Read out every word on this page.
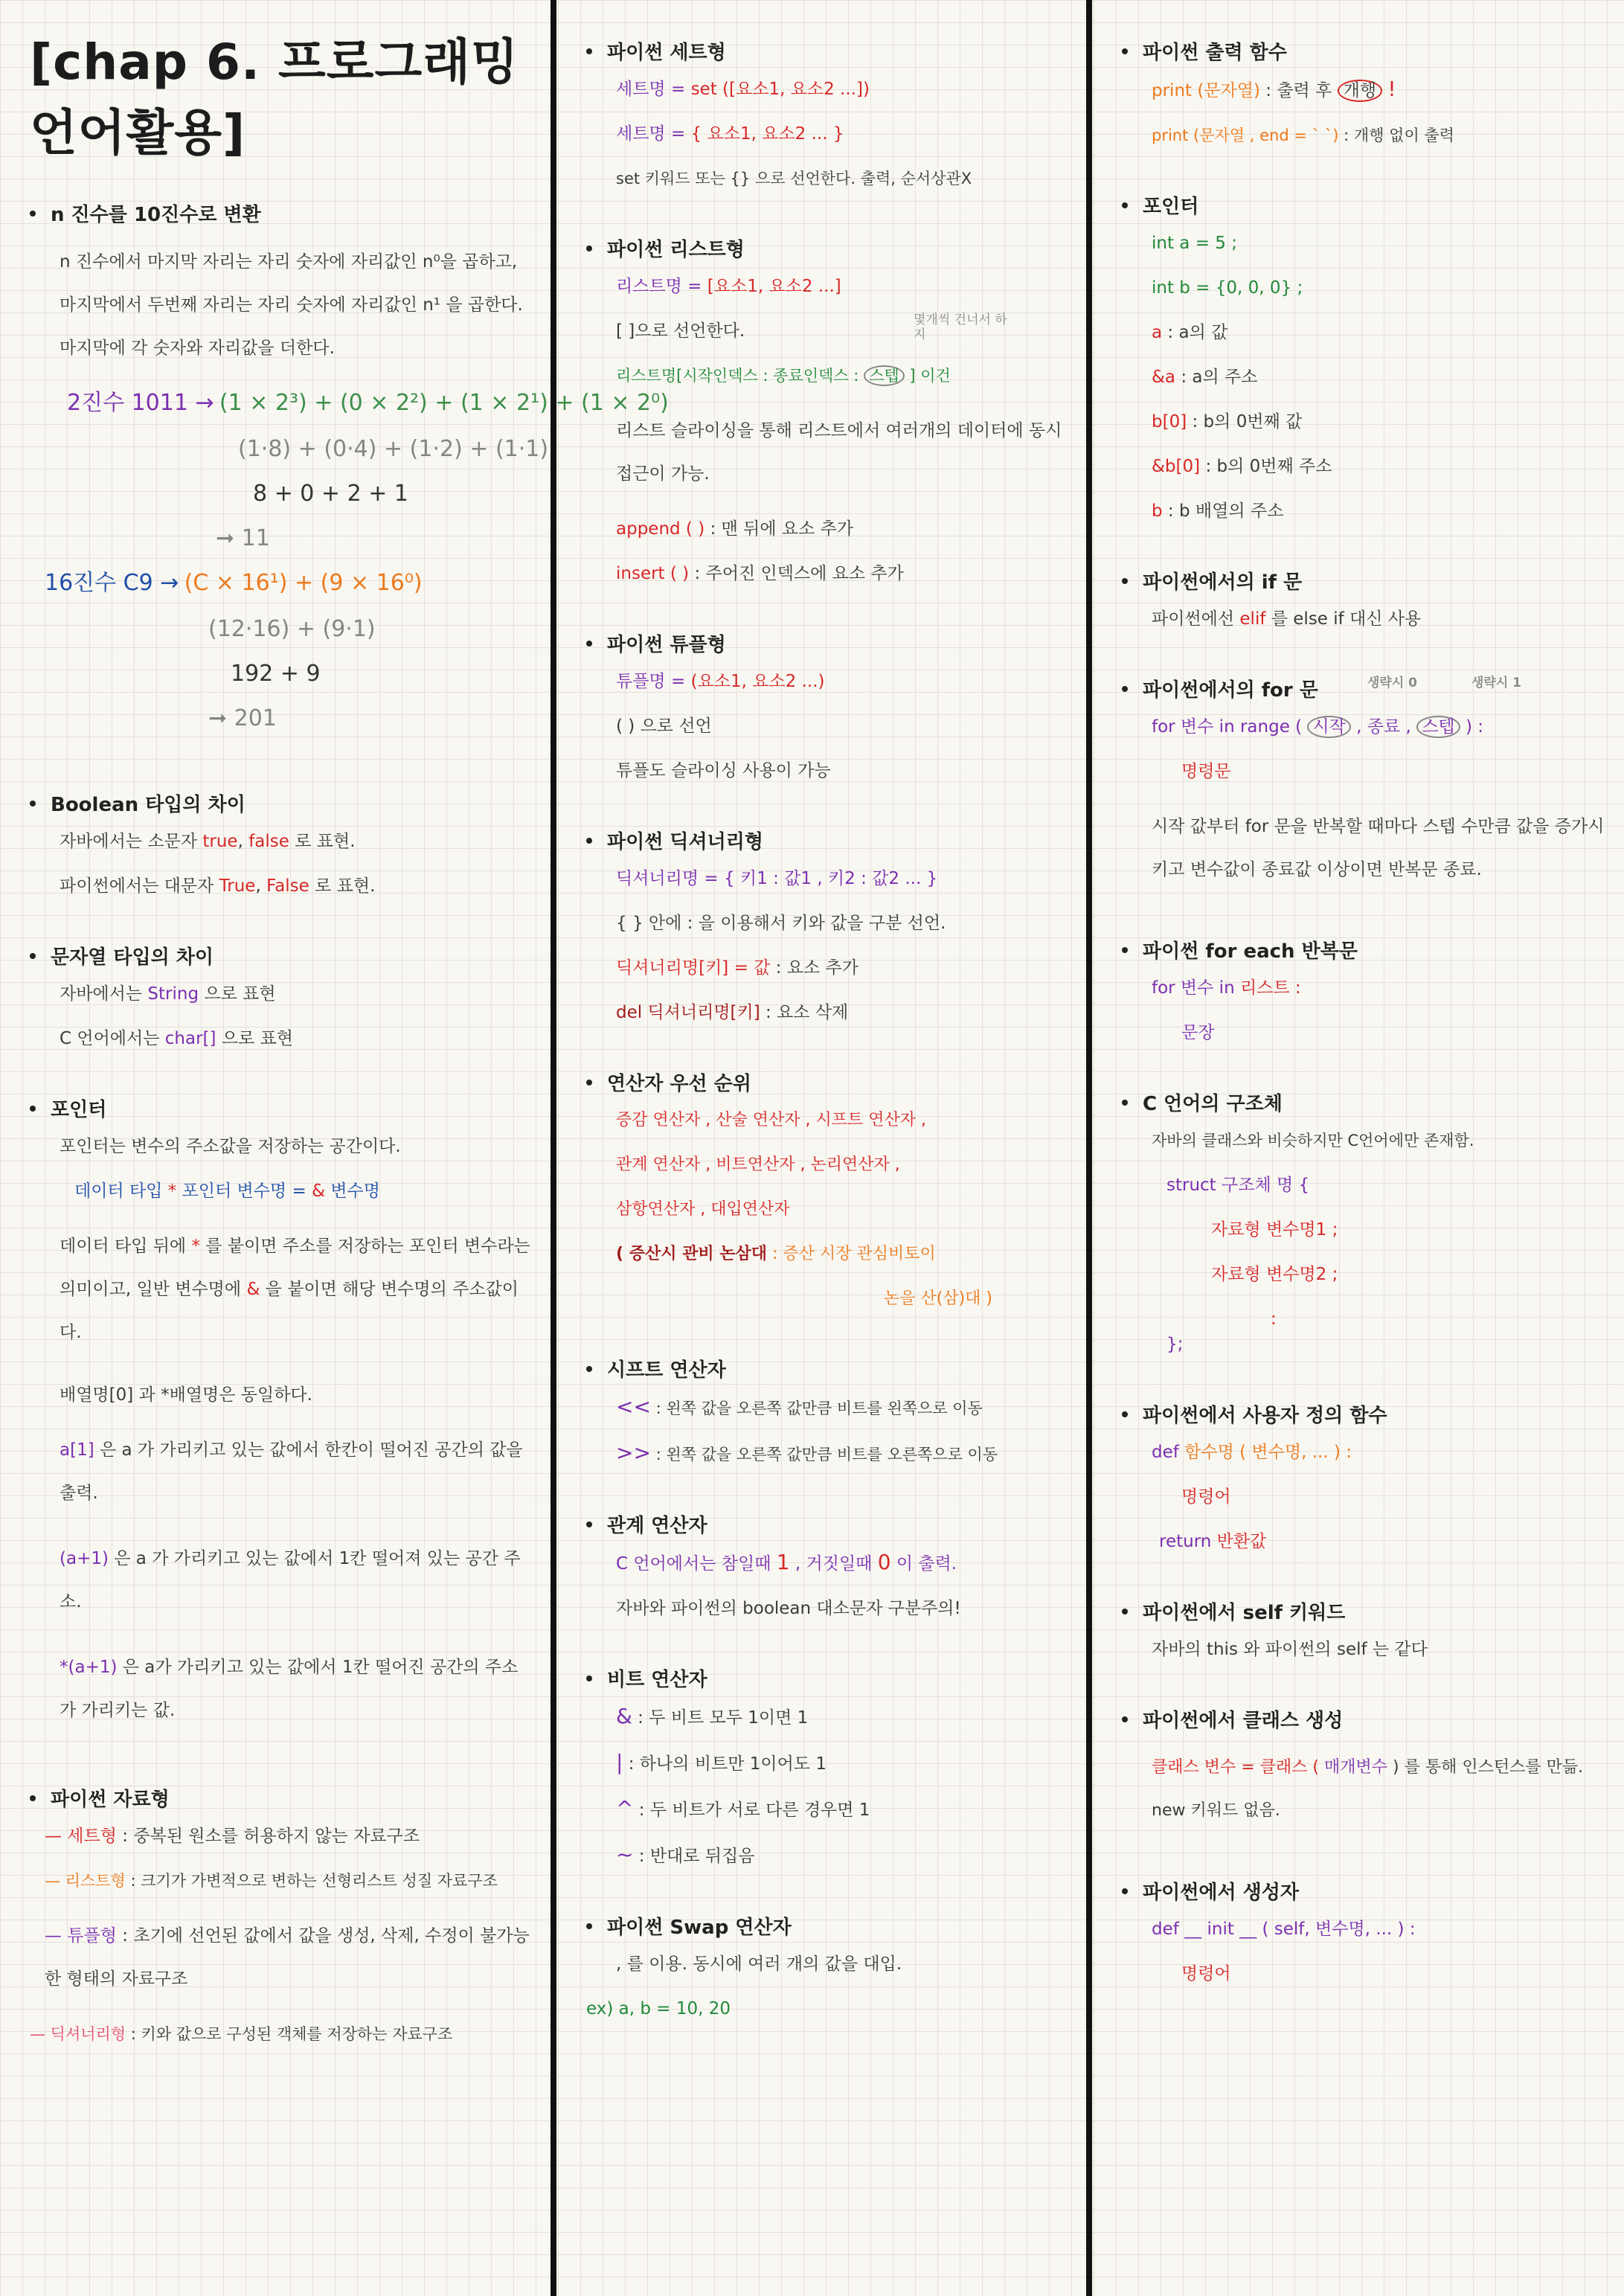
[chap 6. 프로그래밍 언어활용]
n 진수를 10진수로 변환
n 진수에서 마지막 자리는 자리 숫자에 자리값인 n⁰을 곱하고, 마지막에서 두번째 자리는 자리 숫자에 자리값인 n¹ 을 곱한다. 마지막에 각 숫자와 자리값을 더한다.
2진수 1011 → (1 × 2³) + (0 × 2²) + (1 × 2¹) + (1 × 2⁰)
(1·8) + (0·4) + (1·2) + (1·1)
8 + 0 + 2 + 1
➞ 11
16진수 C9 → (C × 16¹) + (9 × 16⁰)
(12·16) + (9·1)
192 + 9
➞ 201
Boolean 타입의 차이
자바에서는 소문자 true, false 로 표현.
파이썬에서는 대문자 True, False 로 표현.
문자열 타입의 차이
자바에서는 String 으로 표현
C 언어에서는 char[] 으로 표현
포인터
포인터는 변수의 주소값을 저장하는 공간이다.
데이터 타입 * 포인터 변수명 = & 변수명
데이터 타입 뒤에 * 를 붙이면 주소를 저장하는 포인터 변수라는 의미이고, 일반 변수명에 & 을 붙이면 해당 변수명의 주소값이다.
배열명[0] 과 *배열명은 동일하다.
a[1] 은 a 가 가리키고 있는 값에서 한칸이 떨어진 공간의 값을 출력.
(a+1) 은 a 가 가리키고 있는 값에서 1칸 떨어져 있는 공간 주소.
*(a+1) 은 a가 가리키고 있는 값에서 1칸 떨어진 공간의 주소가 가리키는 값.
파이썬 자료형
— 세트형 : 중복된 원소를 허용하지 않는 자료구조
— 리스트형 : 크기가 가변적으로 변하는 선형리스트 성질 자료구조
— 튜플형 : 초기에 선언된 값에서 값을 생성, 삭제, 수정이 불가능한 형태의 자료구조
— 딕셔너리형 : 키와 값으로 구성된 객체를 저장하는 자료구조
파이썬 세트형
세트명 = set ([요소1, 요소2 ...])
세트명 = { 요소1, 요소2 ... }
set 키워드 또는 {} 으로 선언한다. 출력, 순서상관X
파이썬 리스트형
리스트명 = [요소1, 요소2 ...]
[ ]으로 선언한다.
몇개씩 건너서 하지
리스트명[시작인덱스 : 종료인덱스 : 스텝 ] 이건
리스트 슬라이싱을 통해 리스트에서 여러개의 데이터에 동시 접근이 가능.
append ( ) : 맨 뒤에 요소 추가
insert ( ) : 주어진 인덱스에 요소 추가
파이썬 튜플형
튜플명 = (요소1, 요소2 ...)
( ) 으로 선언
튜플도 슬라이싱 사용이 가능
파이썬 딕셔너리형
딕셔너리명 = { 키1 : 값1 , 키2 : 값2 ... }
{ } 안에 : 을 이용해서 키와 값을 구분 선언.
딕셔너리명[키] = 값 : 요소 추가
del 딕셔너리명[키] : 요소 삭제
연산자 우선 순위
증감 연산자 , 산술 연산자 , 시프트 연산자 ,
관계 연산자 , 비트연산자 , 논리연산자 ,
삼항연산자 , 대입연산자
( 증산시 관비 논삼대 : 증산 시장 관심비토이
논을 산(삼)대 )
시프트 연산자
<< : 왼쪽 값을 오른쪽 값만큼 비트를 왼쪽으로 이동
>> : 왼쪽 값을 오른쪽 값만큼 비트를 오른쪽으로 이동
관계 연산자
C 언어에서는 참일때 1 , 거짓일때 0 이 출력.
자바와 파이썬의 boolean 대소문자 구분주의!
비트 연산자
& : 두 비트 모두 1이면 1
| : 하나의 비트만 1이어도 1
^ : 두 비트가 서로 다른 경우면 1
~ : 반대로 뒤집음
파이썬 Swap 연산자
, 를 이용. 동시에 여러 개의 값을 대입.
ex) a, b = 10, 20
파이썬 출력 함수
print (문자열) : 출력 후 개행 !
print (문자열 , end = ` `) : 개행 없이 출력
포인터
int a = 5 ;
int b = {0, 0, 0} ;
a : a의 값
&a : a의 주소
b[0] : b의 0번째 값
&b[0] : b의 0번째 주소
b : b 배열의 주소
파이썬에서의 if 문
파이썬에선 elif 를 else if 대신 사용
파이썬에서의 for 문	생략시 0	생략시 1
for 변수 in range ( 시작 , 종료 , 스텝 ) :
명령문
시작 값부터 for 문을 반복할 때마다 스텝 수만큼 값을 증가시키고 변수값이 종료값 이상이면 반복문 종료.
파이썬 for each 반복문
for 변수 in 리스트 :
문장
C 언어의 구조체
자바의 클래스와 비슷하지만 C언어에만 존재함.
struct 구조체 명 {
자료형 변수명1 ;
자료형 변수명2 ;
:
};
파이썬에서 사용자 정의 함수
def 함수명 ( 변수명, ... ) :
명령어
return 반환값
파이썬에서 self 키워드
자바의 this 와 파이썬의 self 는 같다
파이썬에서 클래스 생성
클래스 변수 = 클래스 ( 매개변수 ) 를 통해 인스턴스를 만듦. new 키워드 없음.
파이썬에서 생성자
def __ init __ ( self, 변수명, ... ) :
명령어
